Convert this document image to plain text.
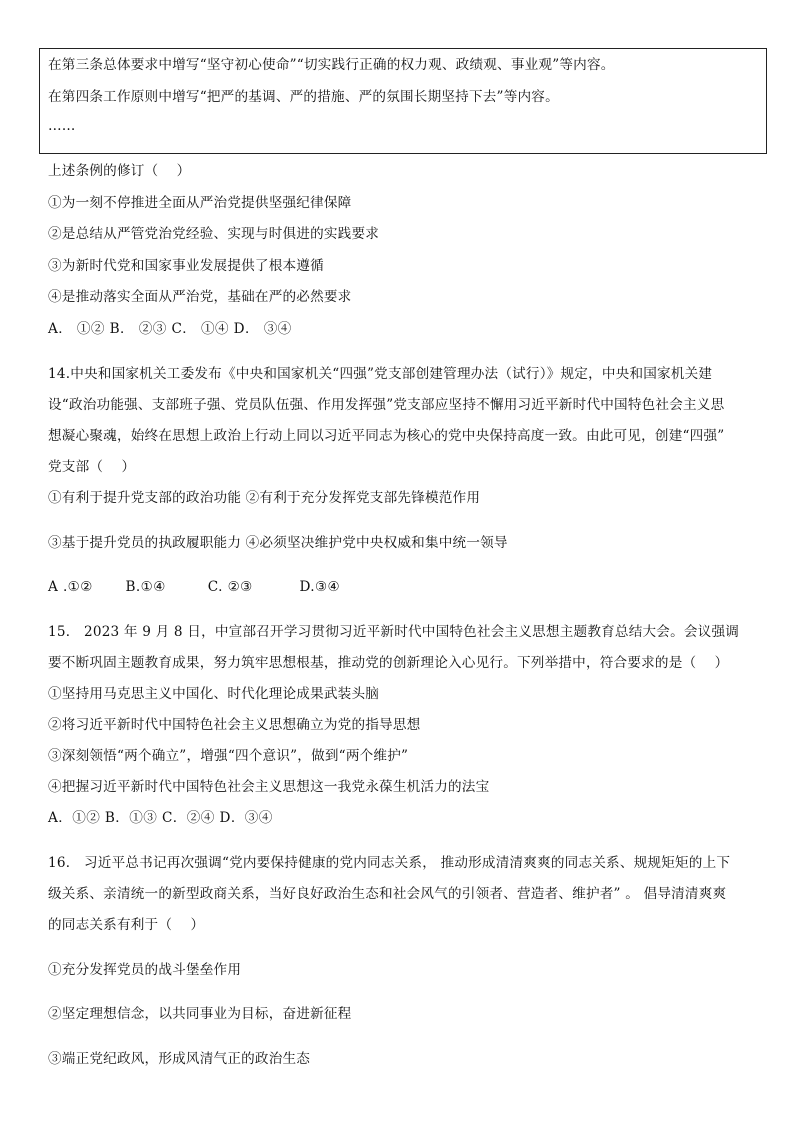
在第三条总体要求中增写“坚守初心使命”“切实践行正确的权力观、政绩观、事业观”等内容。
在第四条工作原则中增写“把严的基调、严的措施、严的氛围长期坚持下去”等内容。
……
上述条例的修订（　 ）
①为一刻不停推进全面从严治党提供坚强纪律保障
②是总结从严管党治党经验、实现与时俱进的实践要求
③为新时代党和国家事业发展提供了根本遵循
④是推动落实全面从严治党，基础在严的必然要求
A． ①② B． ②③ C． ①④ D． ③④
14.中央和国家机关工委发布《中央和国家机关“四强”党支部创建管理办法（试行）》规定，中央和国家机关建
设“政治功能强、支部班子强、党员队伍强、作用发挥强”党支部应坚持不懈用习近平新时代中国特色社会主义思
想凝心聚魂，始终在思想上政治上行动上同以习近平同志为核心的党中央保持高度一致。由此可见，创建“四强”
党支部（　 ）
①有利于提升党支部的政治功能 ②有利于充分发挥党支部先锋模范作用
③基于提升党员的执政履职能力 ④必须坚决维护党中央权威和集中统一领导
A .①②　　 B.①④　　　C. ②③　　　 D.③④
15． 2023 年 9 月 8 日，中宣部召开学习贯彻习近平新时代中国特色社会主义思想主题教育总结大会。会议强调
要不断巩固主题教育成果，努力筑牢思想根基，推动党的创新理论入心见行。下列举措中，符合要求的是（　 ）
①坚持用马克思主义中国化、时代化理论成果武装头脑
②将习近平新时代中国特色社会主义思想确立为党的指导思想
③深刻领悟“两个确立”，增强“四个意识”，做到“两个维护”
④把握习近平新时代中国特色社会主义思想这一我党永葆生机活力的法宝
A．①② B．①③ C．②④ D．③④
16． 习近平总书记再次强调“党内要保持健康的党内同志关系， 推动形成清清爽爽的同志关系、规规矩矩的上下
级关系、亲清统一的新型政商关系，当好良好政治生态和社会风气的引领者、营造者、维护者” 。 倡导清清爽爽
的同志关系有利于（　 ）
①充分发挥党员的战斗堡垒作用
②坚定理想信念，以共同事业为目标，奋进新征程
③端正党纪政风，形成风清气正的政治生态
